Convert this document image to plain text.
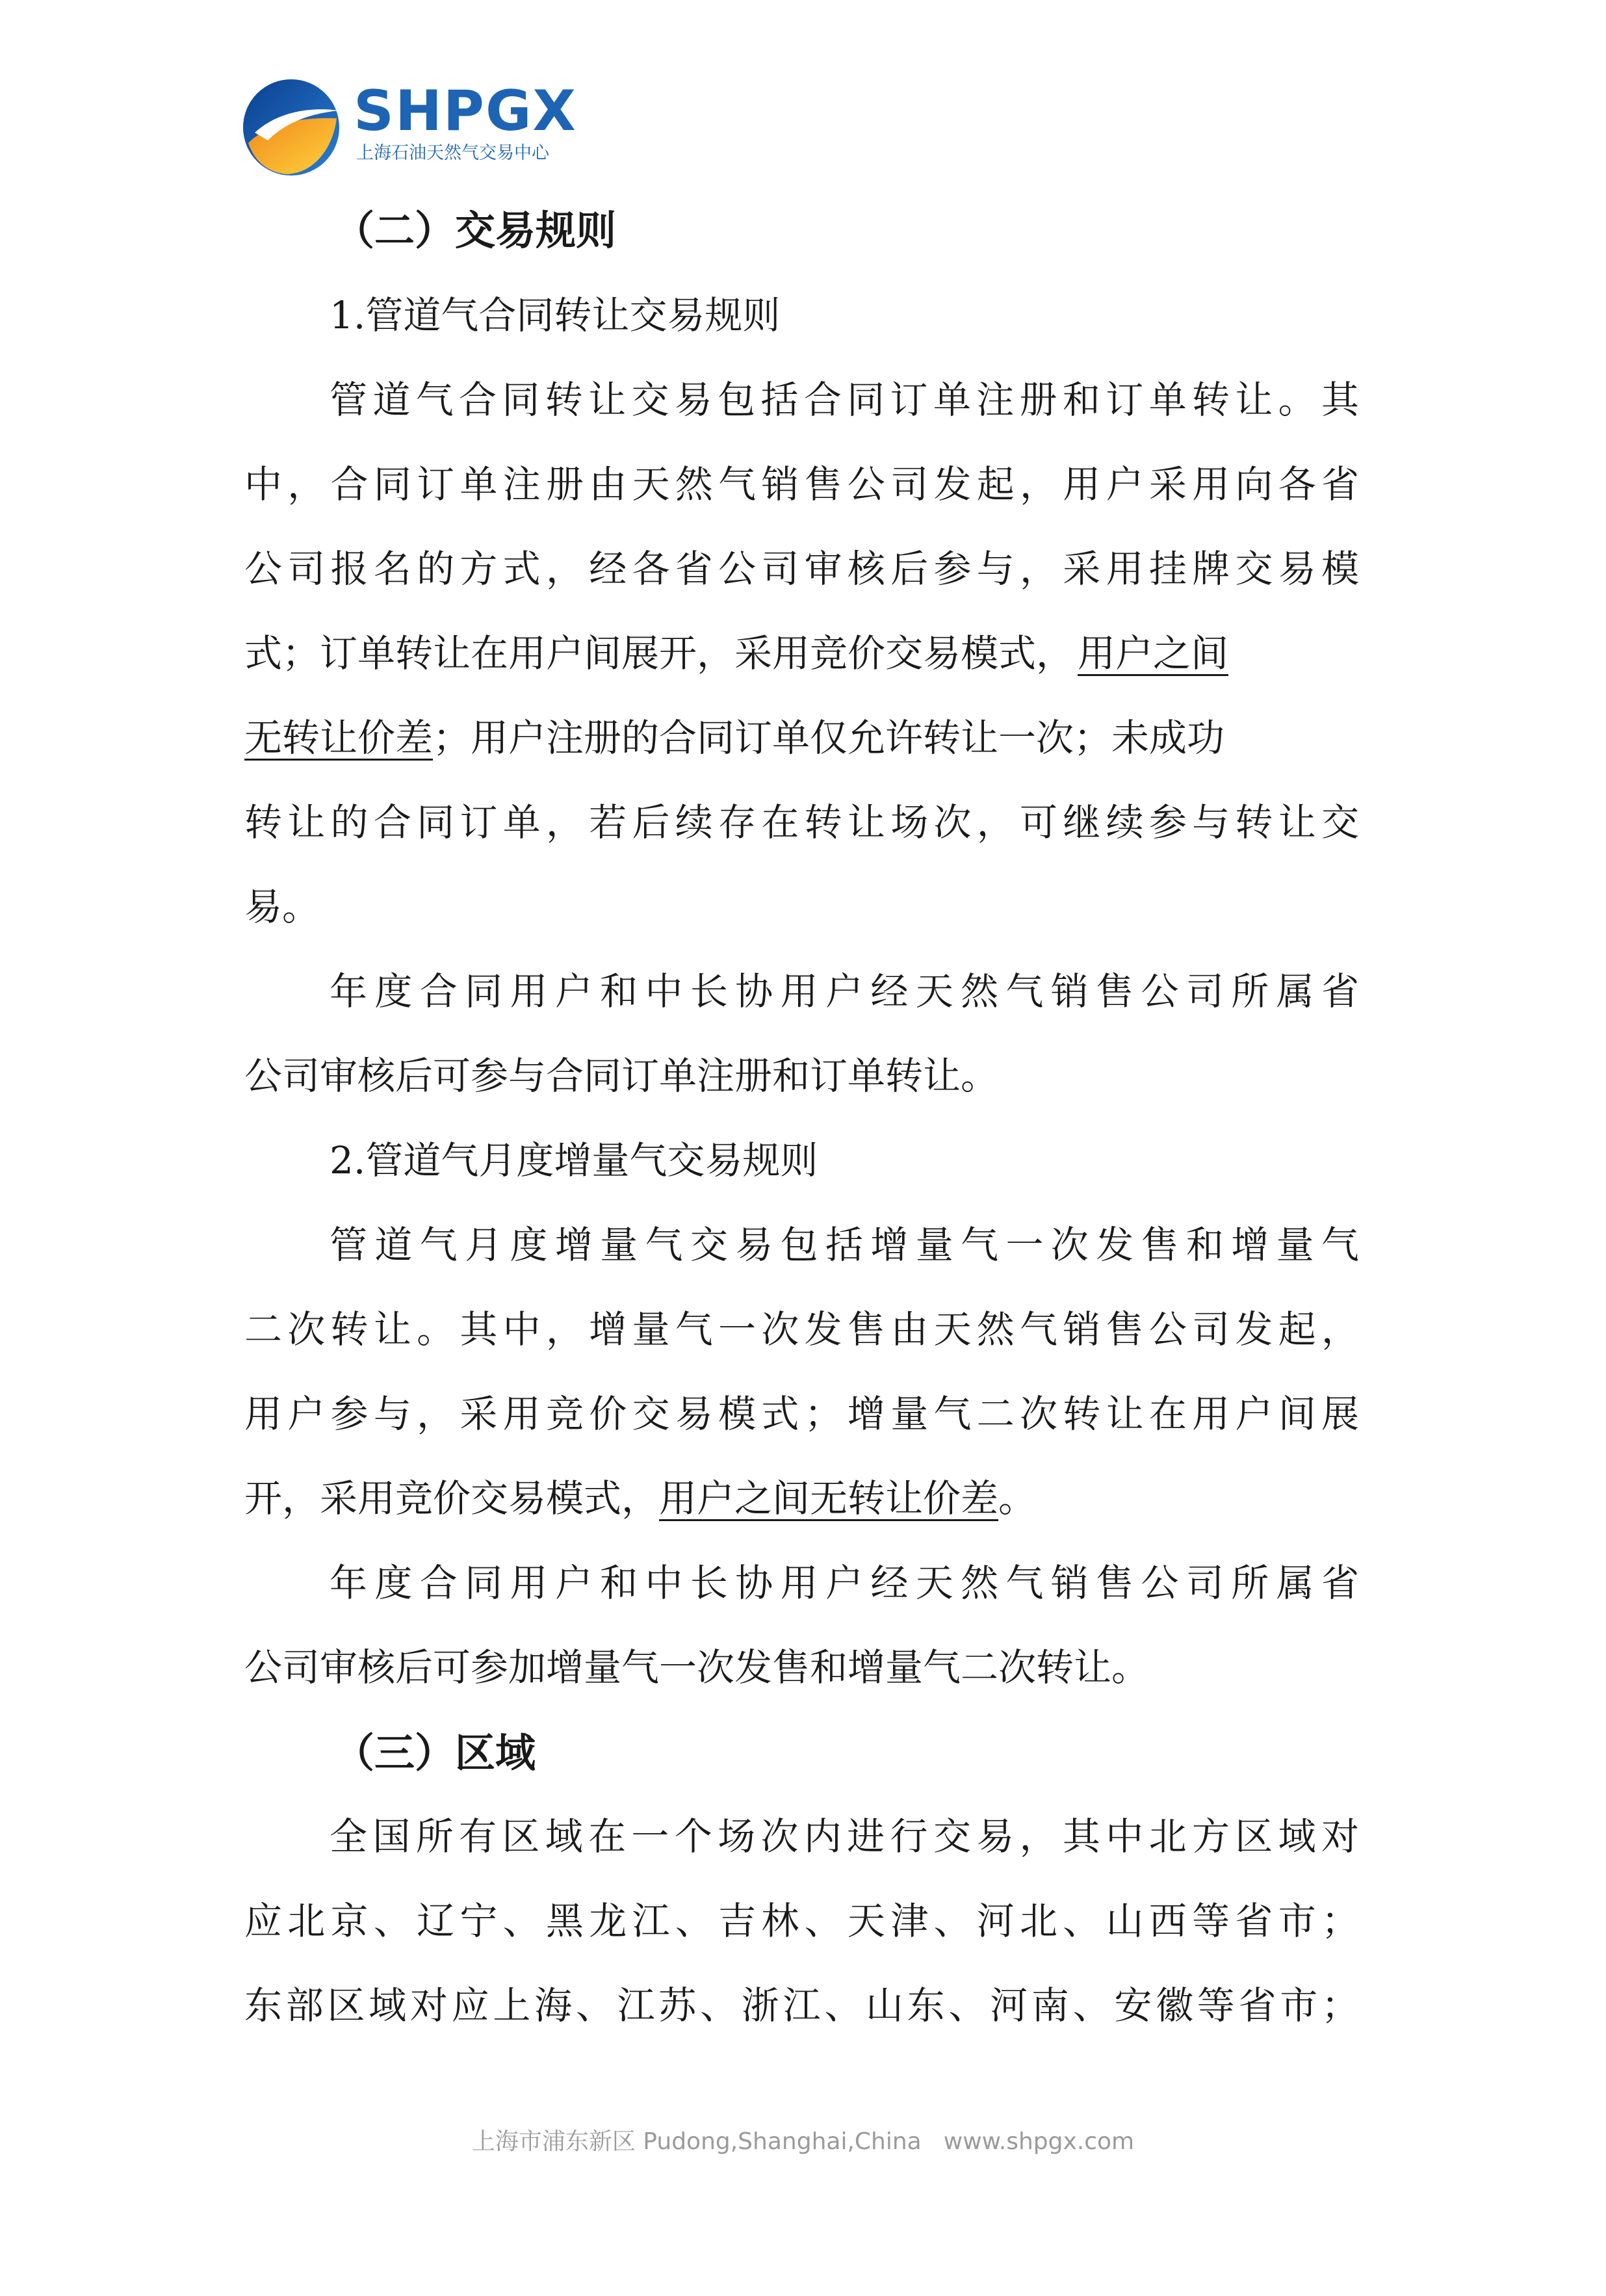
SHPGX
上海石油天然气交易中心
（二）交易规则
1.管道气合同转让交易规则
管道气合同转让交易包括合同订单注册和订单转让。其
中，合同订单注册由天然气销售公司发起，用户采用向各省
公司报名的方式，经各省公司审核后参与，采用挂牌交易模
式；订单转让在用户间展开，采用竞价交易模式， 用户之间
无转让价差；用户注册的合同订单仅允许转让一次；未成功
转让的合同订单，若后续存在转让场次，可继续参与转让交
易。
年度合同用户和中长协用户经天然气销售公司所属省
公司审核后可参与合同订单注册和订单转让。
2.管道气月度增量气交易规则
管道气月度增量气交易包括增量气一次发售和增量气
二次转让。其中，增量气一次发售由天然气销售公司发起，
用户参与，采用竞价交易模式；增量气二次转让在用户间展
开，采用竞价交易模式，用户之间无转让价差。
年度合同用户和中长协用户经天然气销售公司所属省
公司审核后可参加增量气一次发售和增量气二次转让。
（三）区域
全国所有区域在一个场次内进行交易，其中北方区域对
应北京、辽宁、黑龙江、吉林、天津、河北、山西等省市；
东部区域对应上海、江苏、浙江、山东、河南、安徽等省市；
上海市浦东新区 Pudong,Shanghai,China www.shpgx.com
